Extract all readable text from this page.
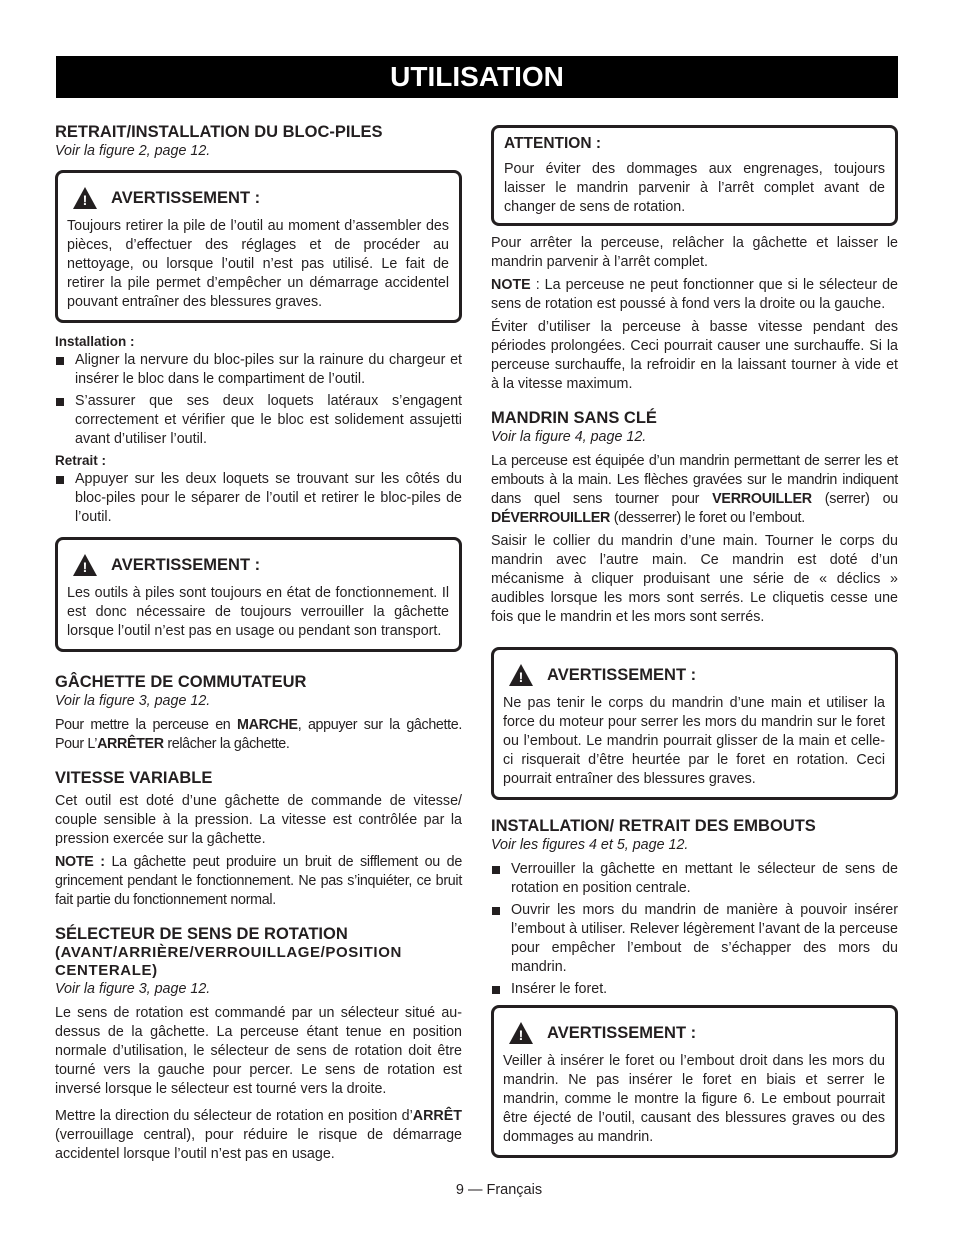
UTILISATION
RETRAIT/INSTALLATION DU BLOC-PILES
Voir la figure 2, page 12.
! AVERTISSEMENT :

Toujours retirer la pile de l’outil au moment d’assembler des pièces, d’effectuer des réglages et de procéder au nettoyage, ou lorsque l’outil n’est pas utilisé. Le fait de retirer la pile permet d’empêcher un démarrage accidentel pouvant entraîner des blessures graves.

Installation :
Aligner la nervure du bloc-piles sur la rainure du chargeur et insérer le bloc dans le compartiment de l’outil.
S’assurer que ses deux loquets latéraux s’engagent correctement et vérifier que le bloc est solidement assujetti avant d’utiliser l’outil.
Retrait :
Appuyer sur les deux loquets se trouvant sur les côtés du bloc-piles pour le séparer de l’outil et retirer le bloc-piles de l’outil.
! AVERTISSEMENT :

Les outils à piles sont toujours en état de fonctionnement. Il est donc nécessaire de toujours verrouiller la gâchette lorsque l’outil n’est pas en usage ou pendant son transport.

GÂCHETTE DE COMMUTATEUR
Voir la figure 3, page 12.

Pour mettre la perceuse en MARCHE, appuyer sur la gâchette. Pour L’ARRÊTER relâcher la gâchette.

VITESSE VARIABLE

Cet outil est doté d’une gâchette de commande de vitesse/ couple sensible à la pression. La vitesse est contrôlée par la pression exercée sur la gâchette.

NOTE : La gâchette peut produire un bruit de sifflement ou de grincement pendant le fonctionnement. Ne pas s’inquiéter, ce bruit fait partie du fonctionnement normal.

SÉLECTEUR DE SENS DE ROTATION
(AVANT/ARRIÈRE/VERROUILLAGE/POSITION CENTERALE)
Voir la figure 3, page 12.

Le sens de rotation est commandé par un sélecteur situé au-dessus de la gâchette. La perceuse étant tenue en position normale d’utilisation, le sélecteur de sens de rotation doit être tourné vers la gauche pour percer. Le sens de rotation est inversé lorsque le sélecteur est tourné vers la droite.

Mettre la direction du sélecteur de rotation en position d’ARRÊT (verrouillage central), pour réduire le risque de démarrage accidentel lorsque l’outil n’est pas en usage.

ATTENTION :

Pour éviter des dommages aux engrenages, toujours laisser le mandrin parvenir à l’arrêt complet avant de changer de sens de rotation.

Pour arrêter la perceuse, relâcher la gâchette et laisser le mandrin parvenir à l’arrêt complet.

NOTE : La perceuse ne peut fonctionner que si le sélecteur de sens de rotation est poussé à fond vers la droite ou la gauche.

Éviter d’utiliser la perceuse à basse vitesse pendant des périodes prolongées. Ceci pourrait causer une surchauffe. Si la perceuse surchauffe, la refroidir en la laissant tourner à vide et à la vitesse maximum.

MANDRIN SANS CLÉ
Voir la figure 4, page 12.

La perceuse est équipée d’un mandrin permettant de serrer les et embouts à la main. Les flèches gravées sur le mandrin indiquent dans quel sens tourner pour VERROUILLER (serrer) ou DÉVERROUILLER (desserrer) le foret ou l’embout.

Saisir le collier du mandrin d’une main. Tourner le corps du mandrin avec l’autre main. Ce mandrin est doté d’un mécanisme à cliquer produisant une série de « déclics » audibles lorsque les mors sont serrés. Le cliquetis cesse une fois que le mandrin et les mors sont serrés.

! AVERTISSEMENT :

Ne pas tenir le corps du mandrin d’une main et utiliser la force du moteur pour serrer les mors du mandrin sur le foret ou l’embout. Le mandrin pourrait glisser de la main et celle-ci risquerait d’être heurtée par le foret en rotation. Ceci pourrait entraîner des blessures graves.

INSTALLATION/ RETRAIT DES EMBOUTS
Voir les figures 4 et 5, page 12.
Verrouiller la gâchette en mettant le sélecteur de sens de rotation en position centrale.
Ouvrir les mors du mandrin de manière à pouvoir insérer l’embout à utiliser. Relever légèrement l’avant de la perceuse pour empêcher l’embout de s’échapper des mors du mandrin.
Insérer le foret.
! AVERTISSEMENT :

Veiller à insérer le foret ou l’embout droit dans les mors du mandrin. Ne pas insérer le foret en biais et serrer le mandrin, comme le montre la figure 6. Le embout pourrait être éjecté de l’outil, causant des blessures graves ou des dommages au mandrin.

9 — Français
